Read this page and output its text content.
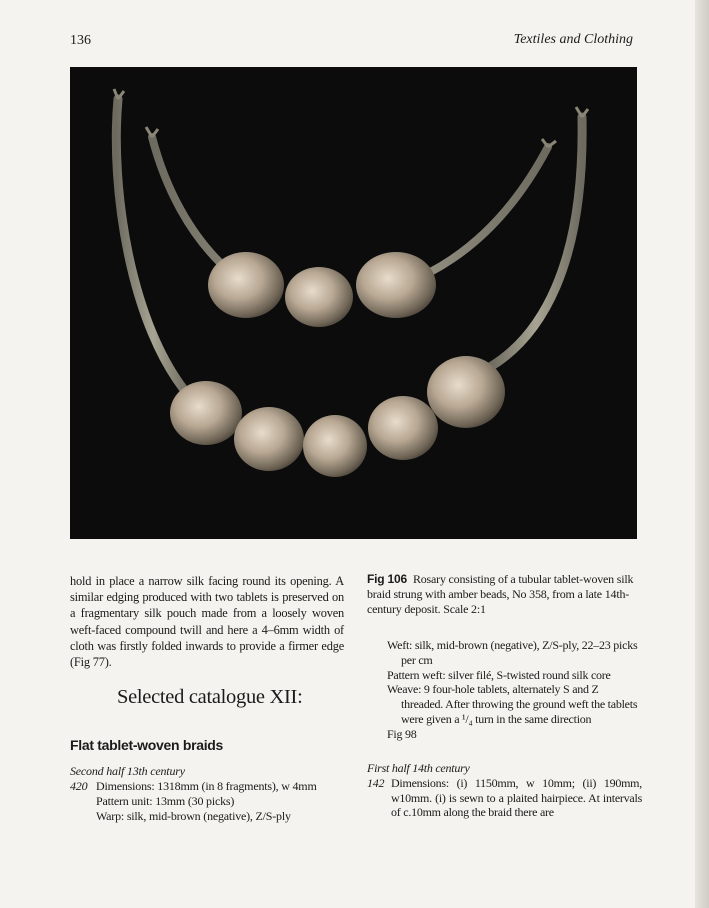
136	Textiles and Clothing

hold in place a narrow silk facing round its opening. A similar edging produced with two tablets is preserved on a fragmentary silk pouch made from a loosely woven weft-faced compound twill and here a 4–6mm width of cloth was firstly folded inwards to provide a firmer edge (Fig 77).

Selected catalogue XII:
Flat tablet-woven braids
Second half 13th century
420 Dimensions: 1318mm (in 8 fragments), w 4mm
Pattern unit: 13mm (30 picks)
Warp: silk, mid-brown (negative), Z/S-ply

Fig 106 Rosary consisting of a tubular tablet-woven silk braid strung with amber beads, No 358, from a late 14th-century deposit. Scale 2:1

Weft: silk, mid-brown (negative), Z/S-ply, 22–23 picks per cm
Pattern weft: silver filé, S-twisted round silk core
Weave: 9 four-hole tablets, alternately S and Z threaded. After throwing the ground weft the tablets were given a ¹/₄ turn in the same direction
Fig 98
First half 14th century
142 Dimensions: (i) 1150mm, w 10mm; (ii) 190mm, w10mm. (i) is sewn to a plaited hairpiece. At intervals of c.10mm along the braid there are
